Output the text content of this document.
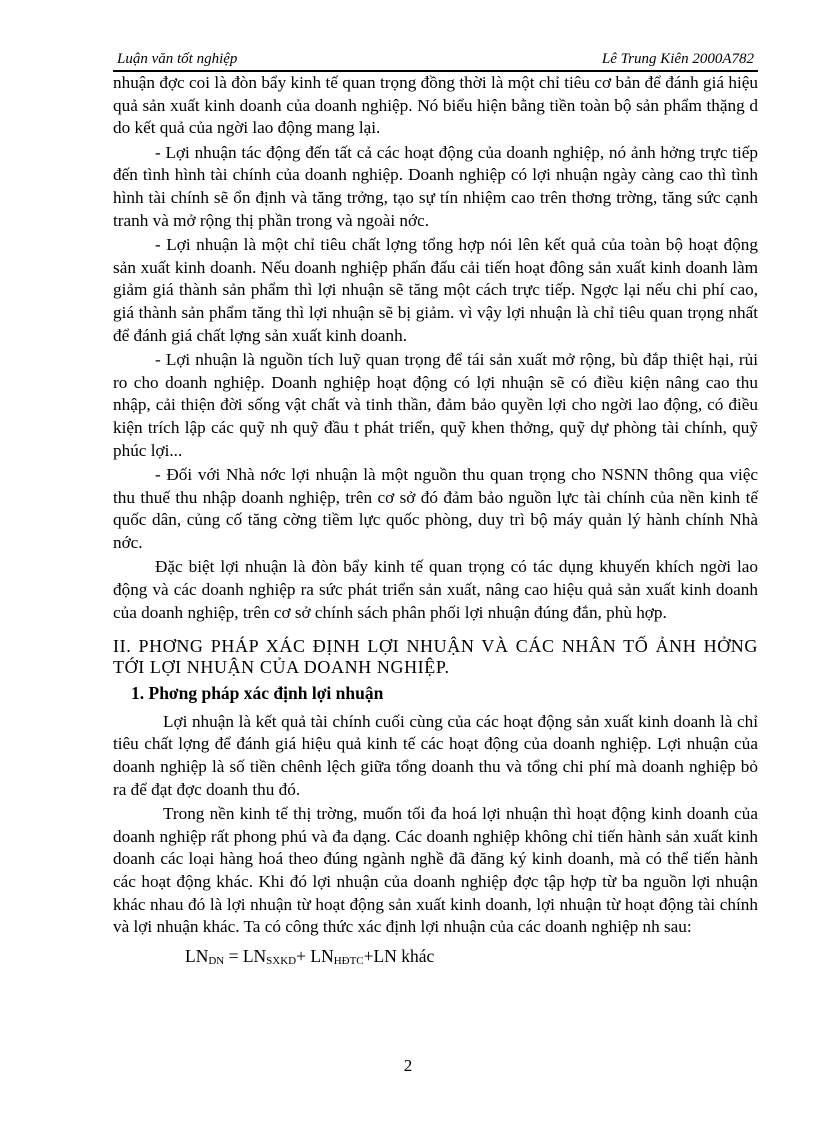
Luận văn tốt nghiệp	Lê Trung Kiên 2000A782

nhuận đợc coi là đòn bẩy kinh tế quan trọng đồng thời là một chỉ tiêu cơ bản để đánh giá hiệu quả sản xuất kinh doanh của doanh nghiệp. Nó biểu hiện bằng tiền toàn bộ sản phẩm thặng d do kết quả của ngời lao động mang lại.

- Lợi nhuận tác động đến tất cả các hoạt động của doanh nghiệp, nó ảnh hởng trực tiếp đến tình hình tài chính của doanh nghiệp. Doanh nghiệp có lợi nhuận ngày càng cao thì tình hình tài chính sẽ ổn định và tăng trởng, tạo sự tín nhiệm cao trên thơng trờng, tăng sức cạnh tranh và mở rộng thị phần trong và ngoài nớc.

- Lợi nhuận là một chỉ tiêu chất lợng tổng hợp nói lên kết quả của toàn bộ hoạt động sản xuất kinh doanh. Nếu doanh nghiệp phấn đấu cải tiến hoạt đông sản xuất kinh doanh làm giảm giá thành sản phẩm thì lợi nhuận sẽ tăng một cách trực tiếp. Ngợc lại nếu chi phí cao, giá thành sản phẩm tăng thì lợi nhuận sẽ bị giảm. vì vậy lợi nhuận là chỉ tiêu quan trọng nhất để đánh giá chất lợng sản xuất kinh doanh.

- Lợi nhuận là nguồn tích luỹ quan trọng để tái sản xuất mở rộng, bù đắp thiệt hại, rủi ro cho doanh nghiệp. Doanh nghiệp hoạt động có lợi nhuận sẽ có điều kiện nâng cao thu nhập, cải thiện đời sống vật chất và tinh thần, đảm bảo quyền lợi cho ngời lao động, có điều kiện trích lập các quỹ nh quỹ đầu t phát triển, quỹ khen thởng, quỹ dự phòng tài chính, quỹ phúc lợi...

- Đối với Nhà nớc lợi nhuận là một nguồn thu quan trọng cho NSNN thông qua việc thu thuế thu nhập doanh nghiệp, trên cơ sở đó đảm bảo nguồn lực tài chính của nền kinh tế quốc dân, củng cố tăng cờng tiềm lực quốc phòng, duy trì bộ máy quản lý hành chính Nhà nớc.

Đặc biệt lợi nhuận là đòn bẩy kinh tế quan trọng có tác dụng khuyến khích ngời lao động và các doanh nghiệp ra sức phát triển sản xuất, nâng cao hiệu quả sản xuất kinh doanh của doanh nghiệp, trên cơ sở chính sách phân phối lợi nhuận đúng đắn, phù hợp.

II. PHƠNG PHÁP XÁC ĐỊNH LỢI NHUẬN VÀ CÁC NHÂN TỐ ẢNH HỞNG TỚI LỢI NHUẬN CỦA DOANH NGHIỆP.

1. Phơng pháp xác định lợi nhuận

Lợi nhuận là kết quả tài chính cuối cùng của các hoạt động sản xuất kinh doanh là chỉ tiêu chất lợng để đánh giá hiệu quả kinh tế các hoạt động của doanh nghiệp. Lợi nhuận của doanh nghiệp là số tiền chênh lệch giữa tổng doanh thu và tổng chi phí mà doanh nghiệp bỏ ra để đạt đợc doanh thu đó.

Trong nền kinh tế thị trờng, muốn tối đa hoá lợi nhuận thì hoạt động kinh doanh của doanh nghiệp rất phong phú và đa dạng. Các doanh nghiệp không chỉ tiến hành sản xuất kinh doanh các loại hàng hoá theo đúng ngành nghề đã đăng ký kinh doanh, mà có thể tiến hành các hoạt động khác. Khi đó lợi nhuận của doanh nghiệp đợc tập hợp từ ba nguồn lợi nhuận khác nhau đó là lợi nhuận từ hoạt động sản xuất kinh doanh, lợi nhuận từ hoạt động tài chính và lợi nhuận khác. Ta có công thức xác định lợi nhuận của các doanh nghiệp nh sau:

$LN_{DN} = LN_{SXKD}+ LN_{HĐTC}+LN$ khác

2
